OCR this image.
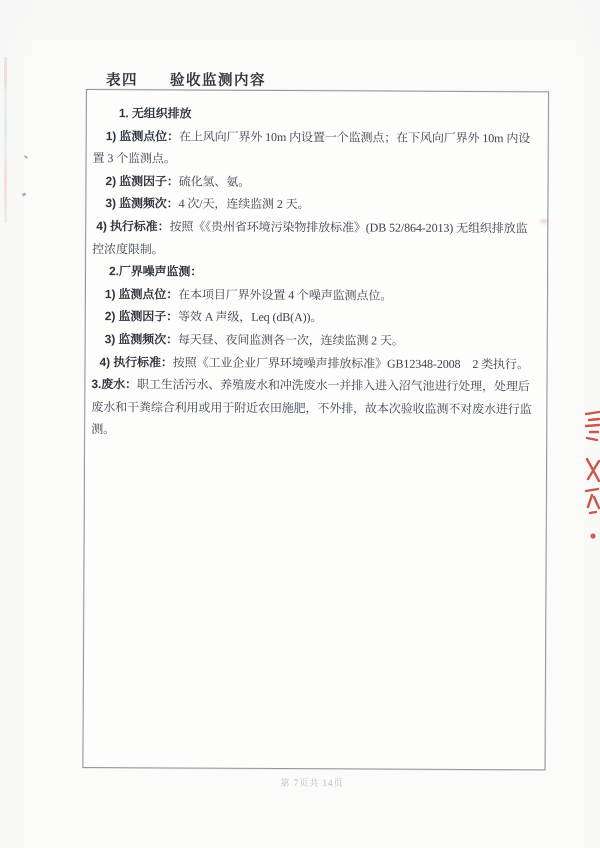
表四　　验收监测内容
1. 无组织排放
1) 监测点位：在上风向厂界外 10m 内设置一个监测点；在下风向厂界外 10m 内设
置 3 个监测点。
2) 监测因子：硫化氢、氨。
3) 监测频次：4 次/天，连续监测 2 天。
4) 执行标准：按照《《贵州省环境污染物排放标准》(DB 52/864-2013) 无组织排放监
控浓度限制。
2.厂界噪声监测：
1) 监测点位：在本项目厂界外设置 4 个噪声监测点位。
2) 监测因子：等效 A 声级，Leq (dB(A))。
3) 监测频次：每天昼、夜间监测各一次，连续监测 2 天。
4) 执行标准：按照《工业企业厂界环境噪声排放标准》GB12348-2008　2 类执行。
3.废水：职工生活污水、养殖废水和冲洗废水一并排入进入沼气池进行处理，处理后
废水和干粪综合利用或用于附近农田施肥，不外排，故本次验收监测不对废水进行监
测。
第 7页共 14页
